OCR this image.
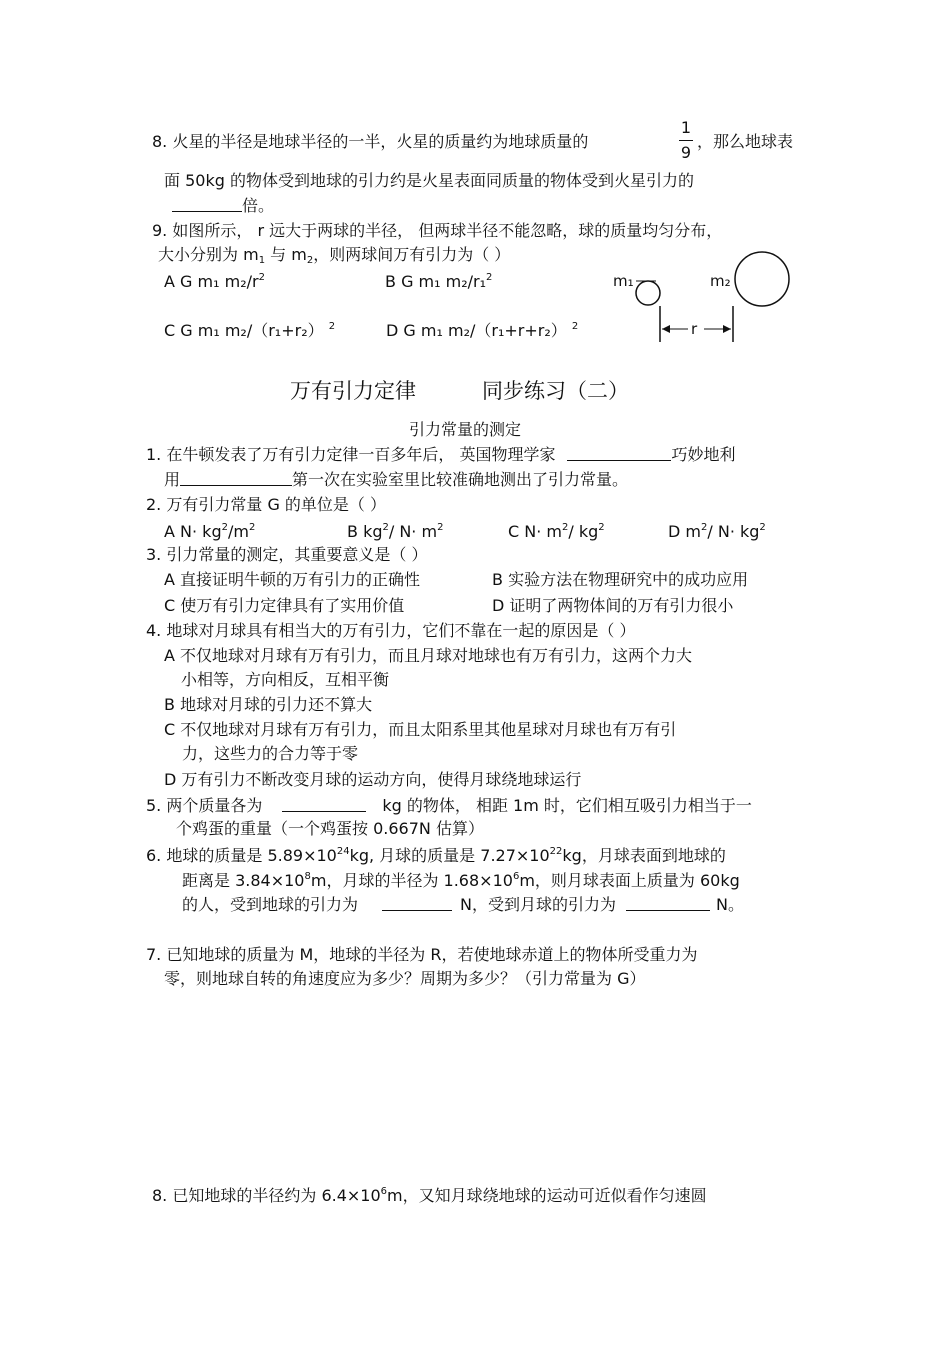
8. 火星的半径是地球半径的一半，火星的质量约为地球质量的
1
9
，那么地球表
面 50kg 的物体受到地球的引力约是火星表面同质量的物体受到火星引力的
倍。
9. 如图所示， r 远大于两球的半径， 但两球半径不能忽略，球的质量均匀分布，
大小分别为 $m_1$ 与 $m_2$，则两球间万有引力为（ ）
A G m₁ $m_2/r^2$	B G m₁ m₂/r₁$^2$
C G m₁ m₂/（r₁+r₂） $^2$	D G m₁ m₂/（r₁+r+r₂） $^2$
m₁	m₂
r
万有引力定律	同步练习（二）
引力常量的测定
1. 在牛顿发表了万有引力定律一百多年后， 英国物理学家	巧妙地利
用	第一次在实验室里比较准确地测出了引力常量。
2. 万有引力常量 G 的单位是（ ）
A $N\cdot kg^2/m^2$	B $kg^2/$ $N\cdot m^2$	C $N\cdot m^2/$ $kg^2$	D $m^2/$ $N\cdot kg^2$
3. 引力常量的测定，其重要意义是（ ）
A 直接证明牛顿的万有引力的正确性	B 实验方法在物理研究中的成功应用
C 使万有引力定律具有了实用价值	D 证明了两物体间的万有引力很小
4. 地球对月球具有相当大的万有引力，它们不靠在一起的原因是（ ）
A 不仅地球对月球有万有引力，而且月球对地球也有万有引力，这两个力大
小相等，方向相反，互相平衡
B 地球对月球的引力还不算大
C 不仅地球对月球有万有引力，而且太阳系里其他星球对月球也有万有引
力，这些力的合力等于零
D 万有引力不断改变月球的运动方向，使得月球绕地球运行
5. 两个质量各为	kg 的物体， 相距 1m 时，它们相互吸引力相当于一
个鸡蛋的重量（一个鸡蛋按 0.667N 估算）
6. 地球的质量是 $5.89\times 10^{24}kg$, 月球的质量是 $7.27\times 10^{22}kg$，月球表面到地球的
距离是 $3.84\times 10^8m$，月球的半径为 $1.68\times 10^6m$，则月球表面上质量为 60kg
的人，受到地球的引力为	N，受到月球的引力为	N。
7. 已知地球的质量为 M，地球的半径为 R，若使地球赤道上的物体所受重力为
零，则地球自转的角速度应为多少？周期为多少？（引力常量为 G）
8. 已知地球的半径约为 $6.4\times 10^6m$，又知月球绕地球的运动可近似看作匀速圆
